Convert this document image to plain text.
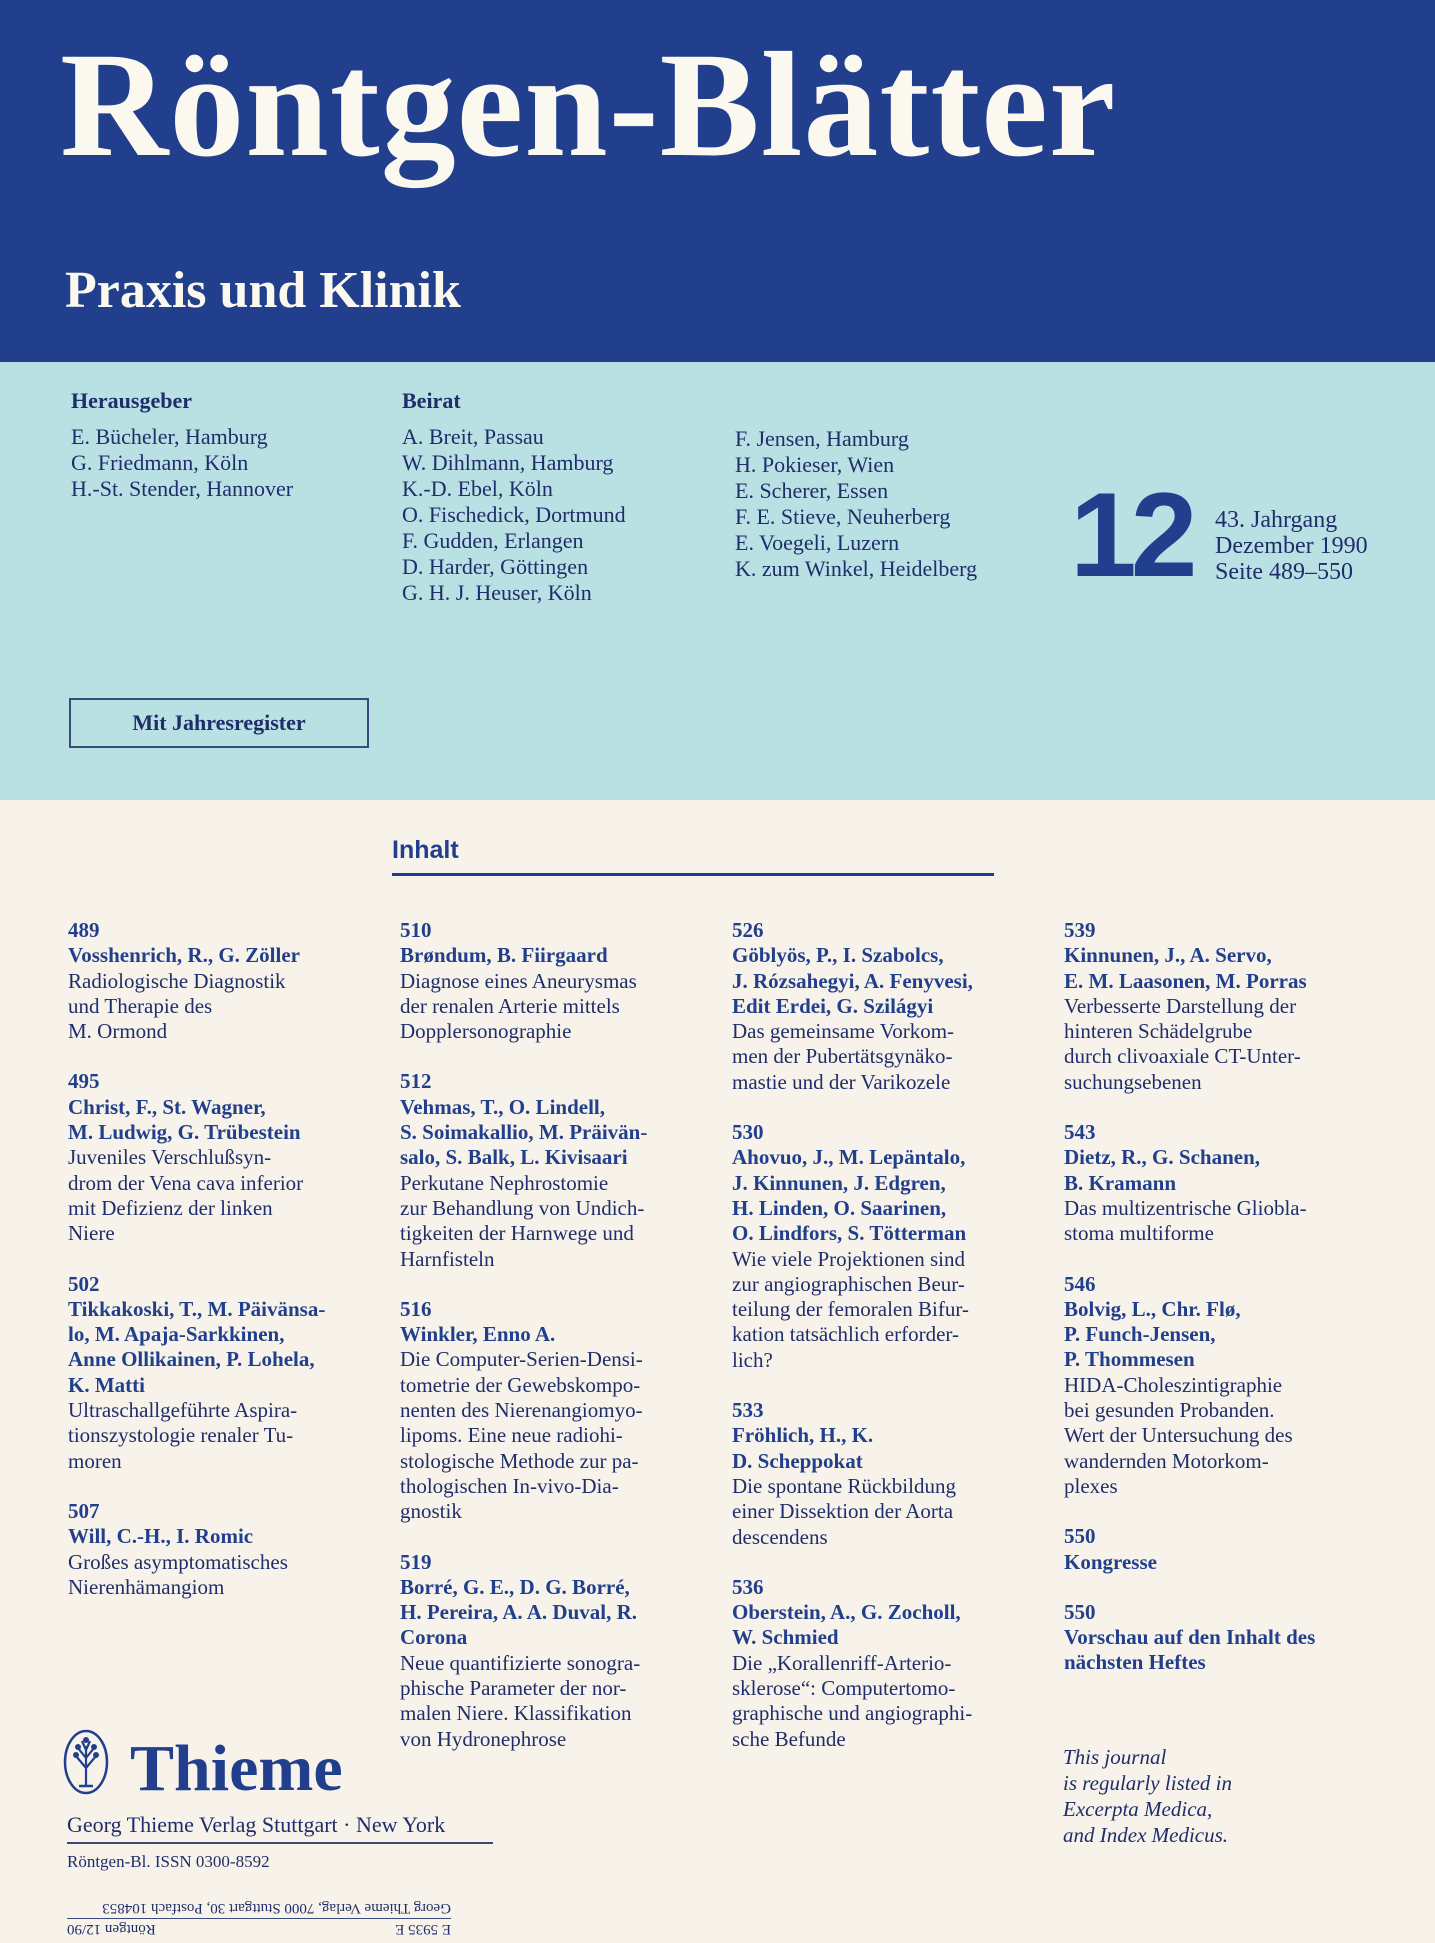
Röntgen-Blätter
Praxis und Klinik
Herausgeber
E. Bücheler, Hamburg
G. Friedmann, Köln
H.-St. Stender, Hannover
Beirat
A. Breit, Passau
W. Dihlmann, Hamburg
K.-D. Ebel, Köln
O. Fischedick, Dortmund
F. Gudden, Erlangen
D. Harder, Göttingen
G. H. J. Heuser, Köln
F. Jensen, Hamburg
H. Pokieser, Wien
E. Scherer, Essen
F. E. Stieve, Neuherberg
E. Voegeli, Luzern
K. zum Winkel, Heidelberg 12 43. Jahrgang
Dezember 1990
Seite 489–550
Mit Jahresregister
Inhalt
489
Vosshenrich, R., G. Zöller
Radiologische Diagnostik
und Therapie des
M. Ormond
495
Christ, F., St. Wagner,
M. Ludwig, G. Trübestein
Juveniles Verschlußsyn-
drom der Vena cava inferior
mit Defizienz der linken
Niere
502
Tikkakoski, T., M. Päivänsa-
lo, M. Apaja-Sarkkinen,
Anne Ollikainen, P. Lohela,
K. Matti
Ultraschallgeführte Aspira-
tionszystologie renaler Tu-
moren
507
Will, C.-H., I. Romic
Großes asymptomatisches
Nierenhämangiom
510
Brøndum, B. Fiirgaard
Diagnose eines Aneurysmas
der renalen Arterie mittels
Dopplersonographie
512
Vehmas, T., O. Lindell,
S. Soimakallio, M. Präivän-
salo, S. Balk, L. Kivisaari
Perkutane Nephrostomie
zur Behandlung von Undich-
tigkeiten der Harnwege und
Harnfisteln
516
Winkler, Enno A.
Die Computer-Serien-Densi-
tometrie der Gewebskompo-
nenten des Nierenangiomyo-
lipoms. Eine neue radiohi-
stologische Methode zur pa-
thologischen In-vivo-Dia-
gnostik
519
Borré, G. E., D. G. Borré,
H. Pereira, A. A. Duval, R.
Corona
Neue quantifizierte sonogra-
phische Parameter der nor-
malen Niere. Klassifikation
von Hydronephrose
526
Göblyös, P., I. Szabolcs,
J. Rózsahegyi, A. Fenyvesi,
Edit Erdei, G. Szilágyi
Das gemeinsame Vorkom-
men der Pubertätsgynäko-
mastie und der Varikozele
530
Ahovuo, J., M. Lepäntalo,
J. Kinnunen, J. Edgren,
H. Linden, O. Saarinen,
O. Lindfors, S. Tötterman
Wie viele Projektionen sind
zur angiographischen Beur-
teilung der femoralen Bifur-
kation tatsächlich erforder-
lich?
533
Fröhlich, H., K.
D. Scheppokat
Die spontane Rückbildung
einer Dissektion der Aorta
descendens
536
Oberstein, A., G. Zocholl,
W. Schmied
Die „Korallenriff-Arterio-
sklerose“: Computertomo-
graphische und angiographi-
sche Befunde
539
Kinnunen, J., A. Servo,
E. M. Laasonen, M. Porras
Verbesserte Darstellung der
hinteren Schädelgrube
durch clivoaxiale CT-Unter-
suchungsebenen
543
Dietz, R., G. Schanen,
B. Kramann
Das multizentrische Gliobla-
stoma multiforme
546
Bolvig, L., Chr. Flø,
P. Funch-Jensen,
P. Thommesen
HIDA-Choleszintigraphie
bei gesunden Probanden.
Wert der Untersuchung des
wandernden Motorkom-
plexes
550
Kongresse
550
Vorschau auf den Inhalt des
nächsten Heftes
Thieme
Georg Thieme Verlag Stuttgart · New York
Röntgen-Bl. ISSN 0300-8592
This journal
is regularly listed in
Excerpta Medica,
and Index Medicus.
E 5935 E
Röntgen 12/90
Georg Thieme Verlag, 7000 Stuttgart 30, Postfach 104853
